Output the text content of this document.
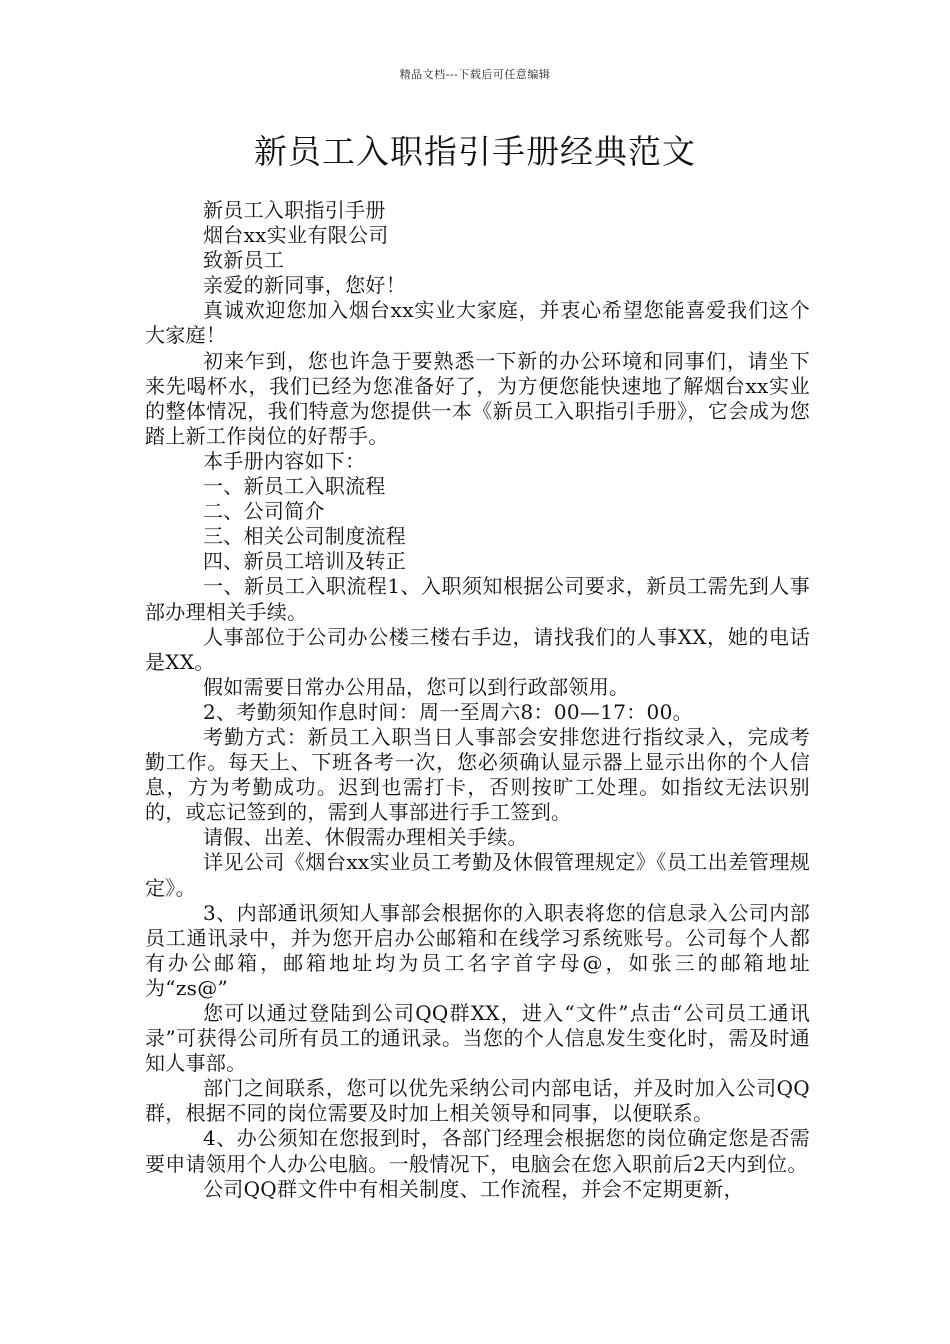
精品文档---下载后可任意编辑
新员工入职指引手册经典范文

新员工入职指引手册

烟台xx实业有限公司

致新员工

亲爱的新同事，您好！

真诚欢迎您加入烟台xx实业大家庭，并衷心希望您能喜爱我们这个大家庭！

初来乍到，您也许急于要熟悉一下新的办公环境和同事们，请坐下来先喝杯水，我们已经为您准备好了，为方便您能快速地了解烟台xx实业的整体情况，我们特意为您提供一本《新员工入职指引手册》，它会成为您踏上新工作岗位的好帮手。

本手册内容如下：

一、新员工入职流程

二、公司简介

三、相关公司制度流程

四、新员工培训及转正

一、新员工入职流程1、入职须知根据公司要求，新员工需先到人事部办理相关手续。

人事部位于公司办公楼三楼右手边，请找我们的人事XX，她的电话是XX。

假如需要日常办公用品，您可以到行政部领用。

2、考勤须知作息时间：周一至周六8：00—17：00。

考勤方式：新员工入职当日人事部会安排您进行指纹录入，完成考勤工作。每天上、下班各考一次，您必须确认显示器上显示出你的个人信息，方为考勤成功。迟到也需打卡，否则按旷工处理。如指纹无法识别的，或忘记签到的，需到人事部进行手工签到。

请假、出差、休假需办理相关手续。

详见公司《烟台xx实业员工考勤及休假管理规定》《员工出差管理规定》。

3、内部通讯须知人事部会根据你的入职表将您的信息录入公司内部员工通讯录中，并为您开启办公邮箱和在线学习系统账号。公司每个人都有办公邮箱，邮箱地址均为员工名字首字母@，如张三的邮箱地址为“zs@”

您可以通过登陆到公司QQ群XX，进入“文件”点击“公司员工通讯录”可获得公司所有员工的通讯录。当您的个人信息发生变化时，需及时通知人事部。

部门之间联系，您可以优先采纳公司内部电话，并及时加入公司QQ群，根据不同的岗位需要及时加上相关领导和同事，以便联系。

4、办公须知在您报到时，各部门经理会根据您的岗位确定您是否需要申请领用个人办公电脑。一般情况下，电脑会在您入职前后2天内到位。

公司QQ群文件中有相关制度、工作流程，并会不定期更新，
